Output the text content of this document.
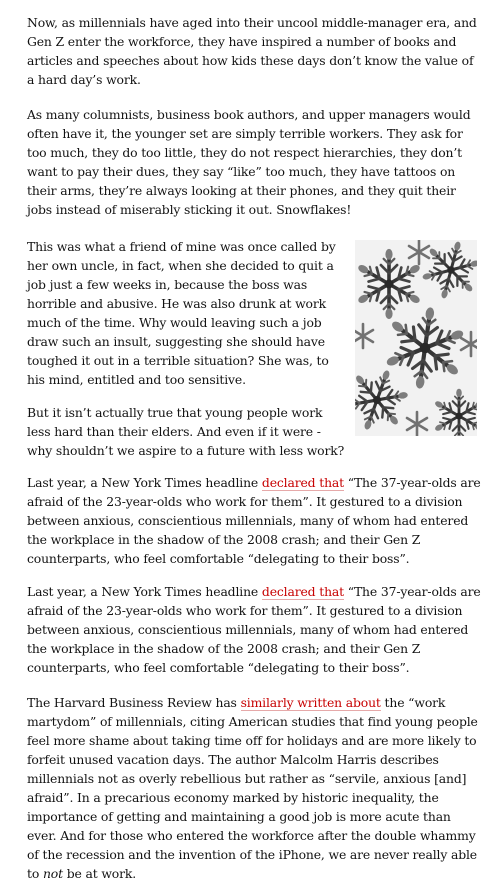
Now, as millennials have aged into their uncool middle-manager era, and Gen Z enter the workforce, they have inspired a number of books and articles and speeches about how kids these days don’t know the value of a hard day’s work.

As many columnists, business book authors, and upper managers would often have it, the younger set are simply terrible workers. They ask for too much, they do too little, they do not respect hierarchies, they don’t want to pay their dues, they say “like” too much, they have tattoos on their arms, they’re always looking at their phones, and they quit their jobs instead of miserably sticking it out. Snowflakes!

This was what a friend of mine was once called by her own uncle, in fact, when she decided to quit a job just a few weeks in, because the boss was horrible and abusive. He was also drunk at work much of the time. Why would leaving such a job draw such an insult, suggesting she should have toughed it out in a terrible situation? She was, to his mind, entitled and too sensitive.

But it isn’t actually true that young people work less hard than their elders. And even if it were - why shouldn’t we aspire to a future with less work?

Last year, a New York Times headline declared that “The 37-year-olds are afraid of the 23-year-olds who work for them”. It gestured to a division between anxious, conscientious millennials, many of whom had entered the workplace in the shadow of the 2008 crash; and their Gen Z counterparts, who feel comfortable “delegating to their boss”.

Last year, a New York Times headline declared that “The 37-year-olds are afraid of the 23-year-olds who work for them”. It gestured to a division between anxious, conscientious millennials, many of whom had entered the workplace in the shadow of the 2008 crash; and their Gen Z counterparts, who feel comfortable “delegating to their boss”.

The Harvard Business Review has similarly written about the “work martydom” of millennials, citing American studies that find young people feel more shame about taking time off for holidays and are more likely to forfeit unused vacation days. The author Malcolm Harris describes millennials not as overly rebellious but rather as “servile, anxious [and] afraid”. In a precarious economy marked by historic inequality, the importance of getting and maintaining a good job is more acute than ever. And for those who entered the workforce after the double whammy of the recession and the invention of the iPhone, we are never really able to not be at work.
